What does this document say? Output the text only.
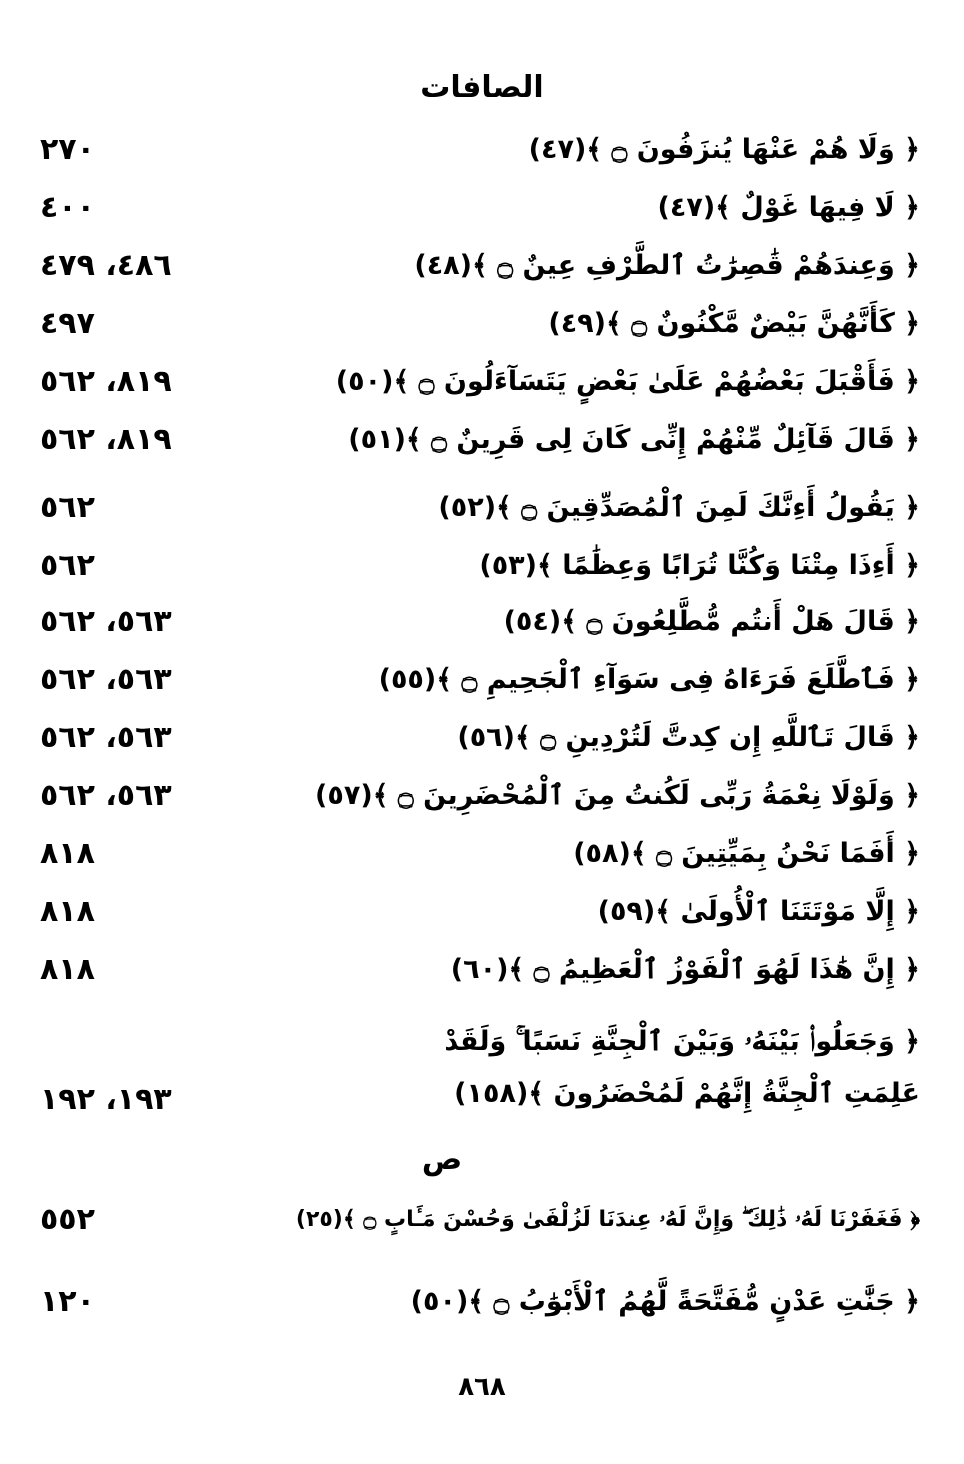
الصافات
﴿ وَلَا هُمْ عَنْهَا يُنزَفُونَ ۝ ﴾(٤٧)
٢٧٠
﴿ لَا فِيهَا غَوْلٌ ﴾(٤٧)
٤٠٠
﴿ وَعِندَهُمْ قَٰصِرَٰتُ ٱلطَّرْفِ عِينٌ ۝ ﴾(٤٨)
٤٨٦، ٤٧٩
﴿ كَأَنَّهُنَّ بَيْضٌ مَّكْنُونٌ ۝ ﴾(٤٩)
٤٩٧
﴿ فَأَقْبَلَ بَعْضُهُمْ عَلَىٰ بَعْضٍ يَتَسَآءَلُونَ ۝ ﴾(٥٠)
٨١٩، ٥٦٢
﴿ قَالَ قَآئِلٌ مِّنْهُمْ إِنِّى كَانَ لِى قَرِينٌ ۝ ﴾(٥١)
٨١٩، ٥٦٢
﴿ يَقُولُ أَءِنَّكَ لَمِنَ ٱلْمُصَدِّقِينَ ۝ ﴾(٥٢)
٥٦٢
﴿ أَءِذَا مِتْنَا وَكُنَّا تُرَابًا وَعِظَٰمًا ﴾(٥٣)
٥٦٢
﴿ قَالَ هَلْ أَنتُم مُّطَّلِعُونَ ۝ ﴾(٥٤)
٥٦٣، ٥٦٢
﴿ فَٱطَّلَعَ فَرَءَاهُ فِى سَوَآءِ ٱلْجَحِيمِ ۝ ﴾(٥٥)
٥٦٣، ٥٦٢
﴿ قَالَ تَٱللَّهِ إِن كِدتَّ لَتُرْدِينِ ۝ ﴾(٥٦)
٥٦٣، ٥٦٢
﴿ وَلَوْلَا نِعْمَةُ رَبِّى لَكُنتُ مِنَ ٱلْمُحْضَرِينَ ۝ ﴾(٥٧)
٥٦٣، ٥٦٢
﴿ أَفَمَا نَحْنُ بِمَيِّتِينَ ۝ ﴾(٥٨)
٨١٨
﴿ إِلَّا مَوْتَتَنَا ٱلْأُولَىٰ ﴾(٥٩)
٨١٨
﴿ إِنَّ هَٰذَا لَهُوَ ٱلْفَوْزُ ٱلْعَظِيمُ ۝ ﴾(٦٠)
٨١٨
﴿ وَجَعَلُوا۟ بَيْنَهُۥ وَبَيْنَ ٱلْجِنَّةِ نَسَبًا ۚ وَلَقَدْ عَلِمَتِ ٱلْجِنَّةُ إِنَّهُمْ لَمُحْضَرُونَ ﴾(١٥٨)
١٩٣، ١٩٢
ص
﴿ فَغَفَرْنَا لَهُۥ ذَٰلِكَ ۖ وَإِنَّ لَهُۥ عِندَنَا لَزُلْفَىٰ وَحُسْنَ مَـَٔابٍ ۝ ﴾(٢٥)
٥٥٢
﴿ جَنَّٰتِ عَدْنٍ مُّفَتَّحَةً لَّهُمُ ٱلْأَبْوَٰبُ ۝ ﴾(٥٠)
١٢٠
٨٦٨
